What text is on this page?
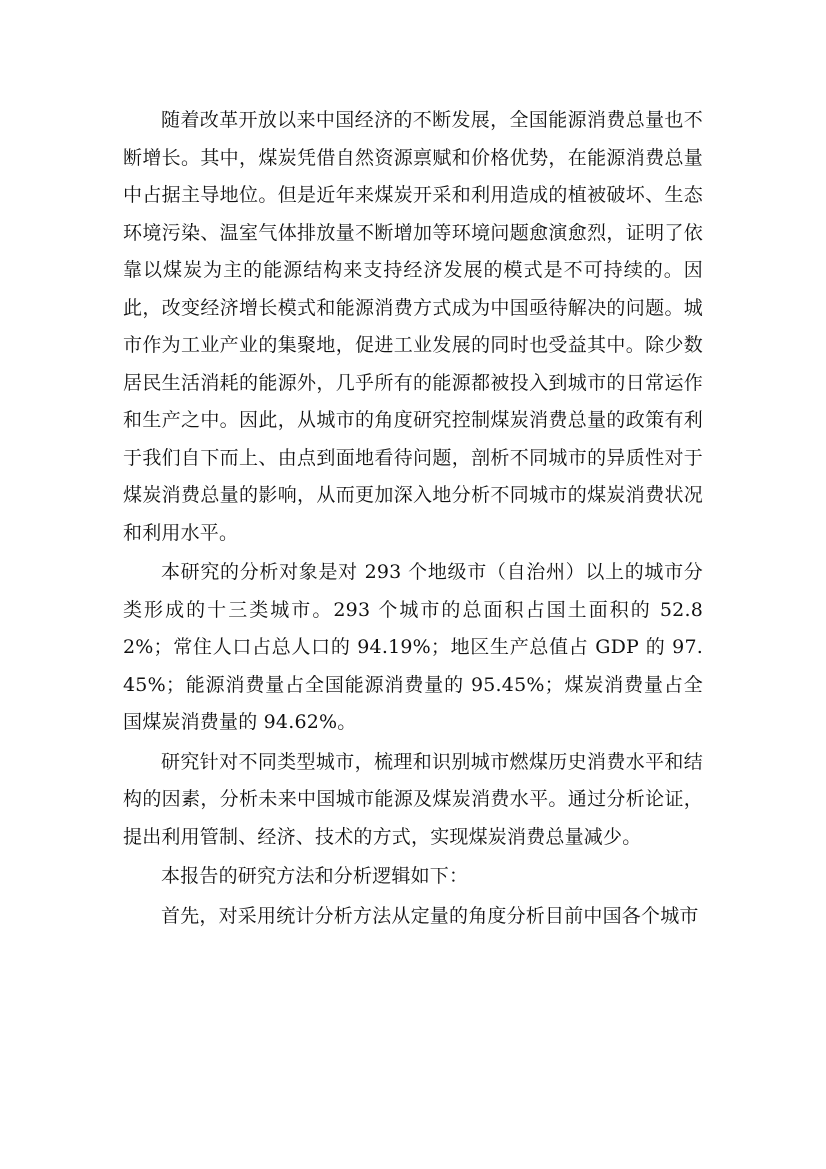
随着改革开放以来中国经济的不断发展，全国能源消费总量也不断增长。其中，煤炭凭借自然资源禀赋和价格优势，在能源消费总量中占据主导地位。但是近年来煤炭开采和利用造成的植被破坏、生态环境污染、温室气体排放量不断增加等环境问题愈演愈烈，证明了依靠以煤炭为主的能源结构来支持经济发展的模式是不可持续的。因此，改变经济增长模式和能源消费方式成为中国亟待解决的问题。城市作为工业产业的集聚地，促进工业发展的同时也受益其中。除少数居民生活消耗的能源外，几乎所有的能源都被投入到城市的日常运作和生产之中。因此，从城市的角度研究控制煤炭消费总量的政策有利于我们自下而上、由点到面地看待问题，剖析不同城市的异质性对于煤炭消费总量的影响，从而更加深入地分析不同城市的煤炭消费状况和利用水平。

本研究的分析对象是对 293 个地级市（自治州）以上的城市分类形成的十三类城市。293 个城市的总面积占国土面积的 52.82%；常住人口占总人口的 94.19%；地区生产总值占 GDP 的 97.45%；能源消费量占全国能源消费量的 95.45%；煤炭消费量占全国煤炭消费量的 94.62%。

研究针对不同类型城市，梳理和识别城市燃煤历史消费水平和结构的因素，分析未来中国城市能源及煤炭消费水平。通过分析论证，提出利用管制、经济、技术的方式，实现煤炭消费总量减少。

本报告的研究方法和分析逻辑如下：

首先，对采用统计分析方法从定量的角度分析目前中国各个城市
